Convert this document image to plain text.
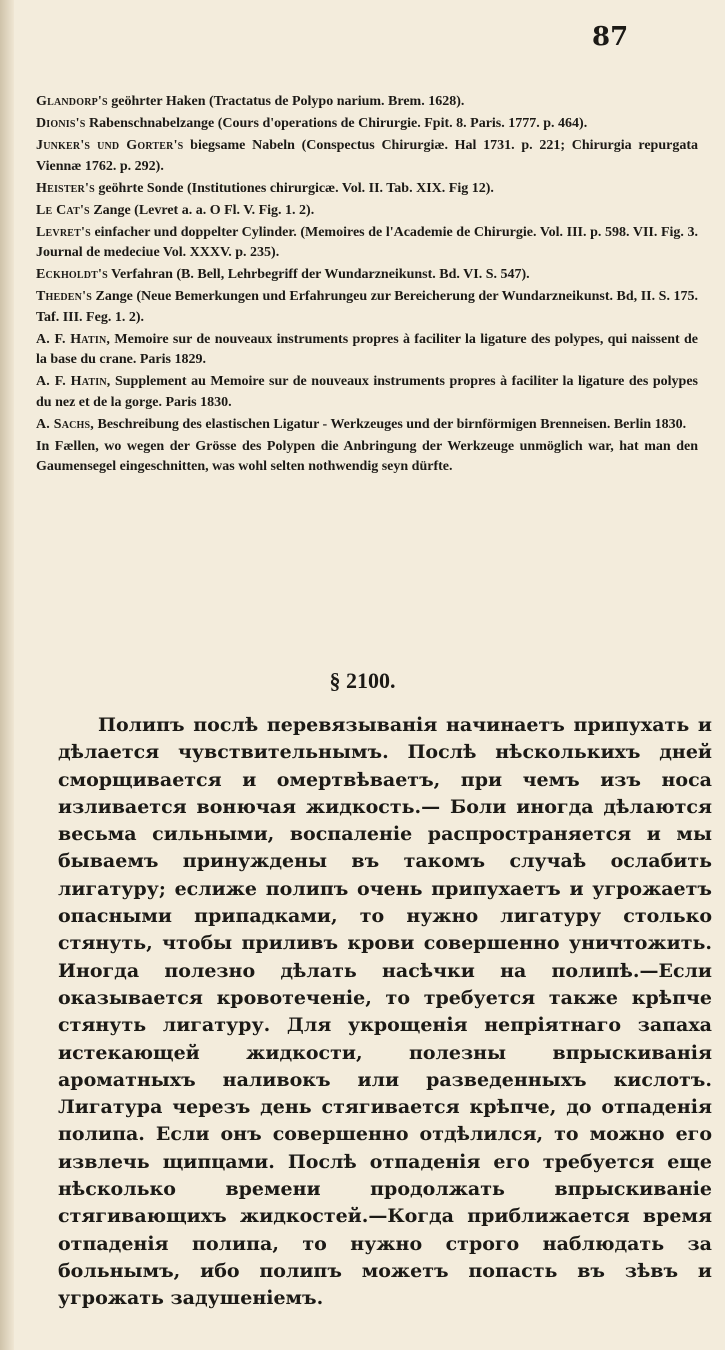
87

Glandorp's geöhrter Haken (Tractatus de Polypo narium. Brem. 1628).

Dionis's Rabenschnabelzange (Cours d'operations de Chirurgie. Fpit. 8. Paris. 1777. p. 464).

Junker's und Gorter's biegsame Nabeln (Conspectus Chirurgiæ. Hal 1731. p. 221; Chirurgia repurgata Viennæ 1762. p. 292).

Heister's geöhrte Sonde (Institutiones chirurgicæ. Vol. II. Tab. XIX. Fig 12).

Le Cat's Zange (Levret a. a. O Fl. V. Fig. 1. 2).

Levret's einfacher und doppelter Cylinder. (Memoires de l'Academie de Chirurgie. Vol. III. p. 598. VII. Fig. 3. Journal de medeciue Vol. XXXV. p. 235).

Eckholdt's Verfahran (B. Bell, Lehrbegriff der Wundarzneikunst. Bd. VI. S. 547).

Theden's Zange (Neue Bemerkungen und Erfahrungeu zur Bereicherung der Wundarzneikunst. Bd, II. S. 175. Taf. III. Feg. 1. 2).

A. F. Hatin, Memoire sur de nouveaux instruments propres à faciliter la ligature des polypes, qui naissent de la base du crane. Paris 1829.

A. F. Hatin, Supplement au Memoire sur de nouveaux instruments propres à faciliter la ligature des polypes du nez et de la gorge. Paris 1830.

A. Sachs, Beschreibung des elastischen Ligatur - Werkzeuges und der birnförmigen Brenneisen. Berlin 1830.

In Fællen, wo wegen der Grösse des Polypen die Anbringung der Werkzeuge unmöglich war, hat man den Gaumensegel eingeschnitten, was wohl selten nothwendig seyn dürfte.

§ 2100.

Полипъ послѣ перевязыванія начинаетъ припухать и дѣлается чувствительнымъ. Послѣ нѣсколькихъ дней сморщивается и омертвѣваетъ, при чемъ изъ носа изливается вонючая жидкость.— Боли иногда дѣлаются весьма сильными, воспаленіе распространяется и мы бываемъ принуждены въ такомъ случаѣ ослабить лигатуру; еслиже полипъ очень припухаетъ и угрожаетъ опасными припадками, то нужно лигатуру столько стянуть, чтобы приливъ крови совершенно уничтожить. Иногда полезно дѣлать насѣчки на полипѣ.—Если оказывается кровотеченіе, то требуется также крѣпче стянуть лигатуру. Для укрощенія непріятнаго запаха истекающей жидкости, полезны впрыскиванія ароматныхъ наливокъ или разведенныхъ кислотъ. Лигатура черезъ день стягивается крѣпче, до отпаденія полипа. Если онъ совершенно отдѣлился, то можно его извлечь щипцами. Послѣ отпаденія его требуется еще нѣсколько времени продолжать впрыскиваніе стягивающихъ жидкостей.—Когда приближается время отпаденія полипа, то нужно строго наблюдать за больнымъ, ибо полипъ можетъ попасть въ зѣвъ и угрожать задушеніемъ.
